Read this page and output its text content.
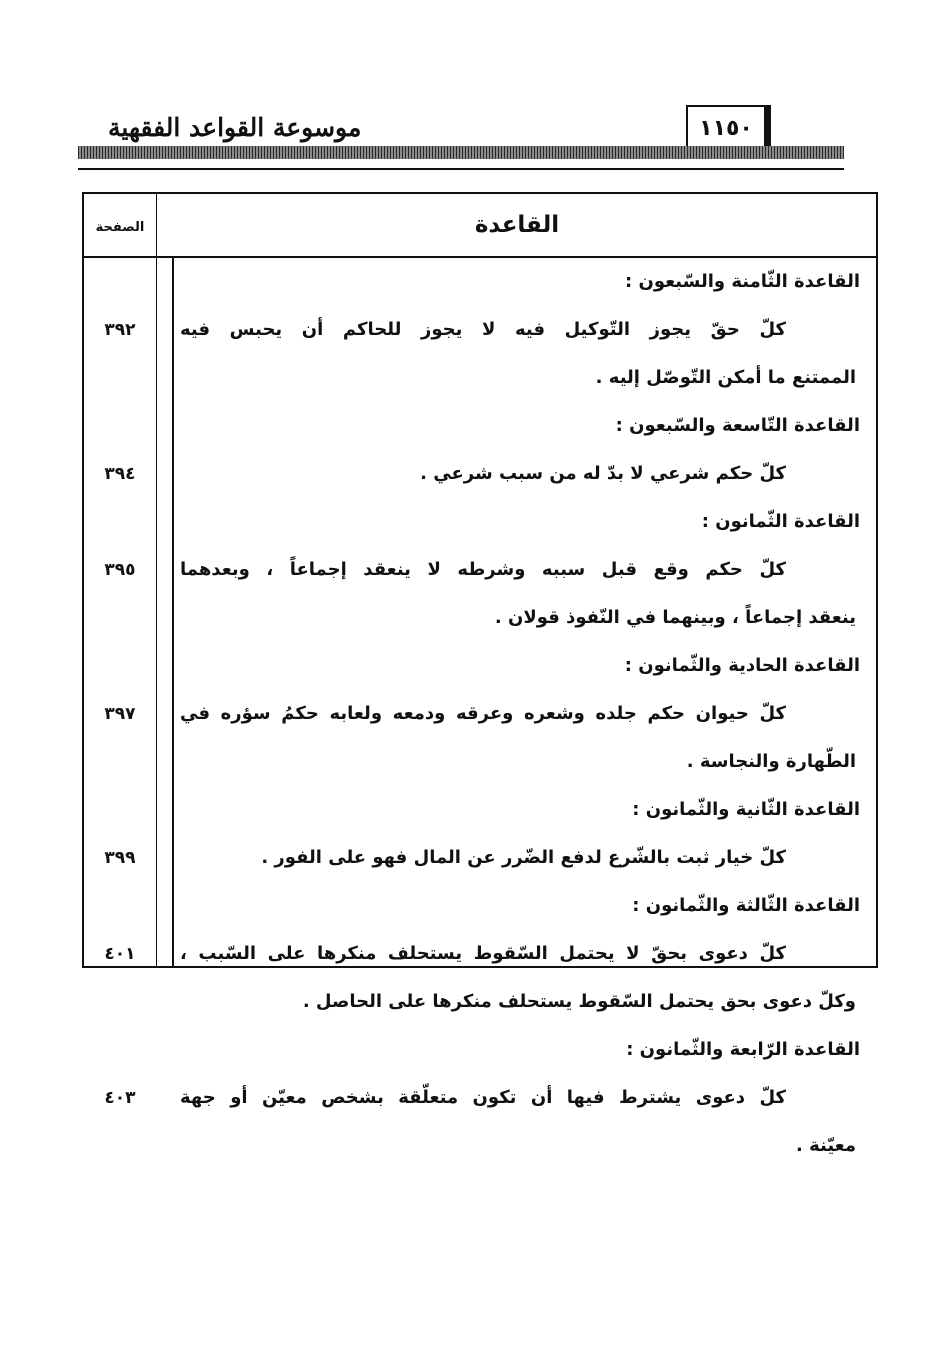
موسوعة القواعد الفقهية	١١٥٠
القاعدة
الصفحة
القاعدة الثّامنة والسّبعون :
كلّ حقّ يجوز التّوكيل فيه لا يجوز للحاكم أن يحبس فيه
٣٩٢
الممتنع ما أمكن التّوصّل إليه .
القاعدة التّاسعة والسّبعون :
كلّ حكم شرعي لا بدّ له من سبب شرعي .
٣٩٤
القاعدة الثّمانون :
كلّ حكم وقع قبل سببه وشرطه لا ينعقد إجماعاً ، وبعدهما
٣٩٥
ينعقد إجماعاً ، وبينهما في النّفوذ قولان .
القاعدة الحادية والثّمانون :
كلّ حيوان حكم جلده وشعره وعرقه ودمعه ولعابه حكمُ سؤره في
٣٩٧
الطّهارة والنجاسة .
القاعدة الثّانية والثّمانون :
كلّ خيار ثبت بالشّرع لدفع الضّرر عن المال فهو على الفور .
٣٩٩
القاعدة الثّالثة والثّمانون :
كلّ دعوى بحقّ لا يحتمل السّقوط يستحلف منكرها على السّبب ،
٤٠١
وكلّ دعوى بحق يحتمل السّقوط يستحلف منكرها على الحاصل .
القاعدة الرّابعة والثّمانون :
كلّ دعوى يشترط فيها أن تكون متعلّقة بشخص معيّن أو جهة
٤٠٣
معيّنة .
